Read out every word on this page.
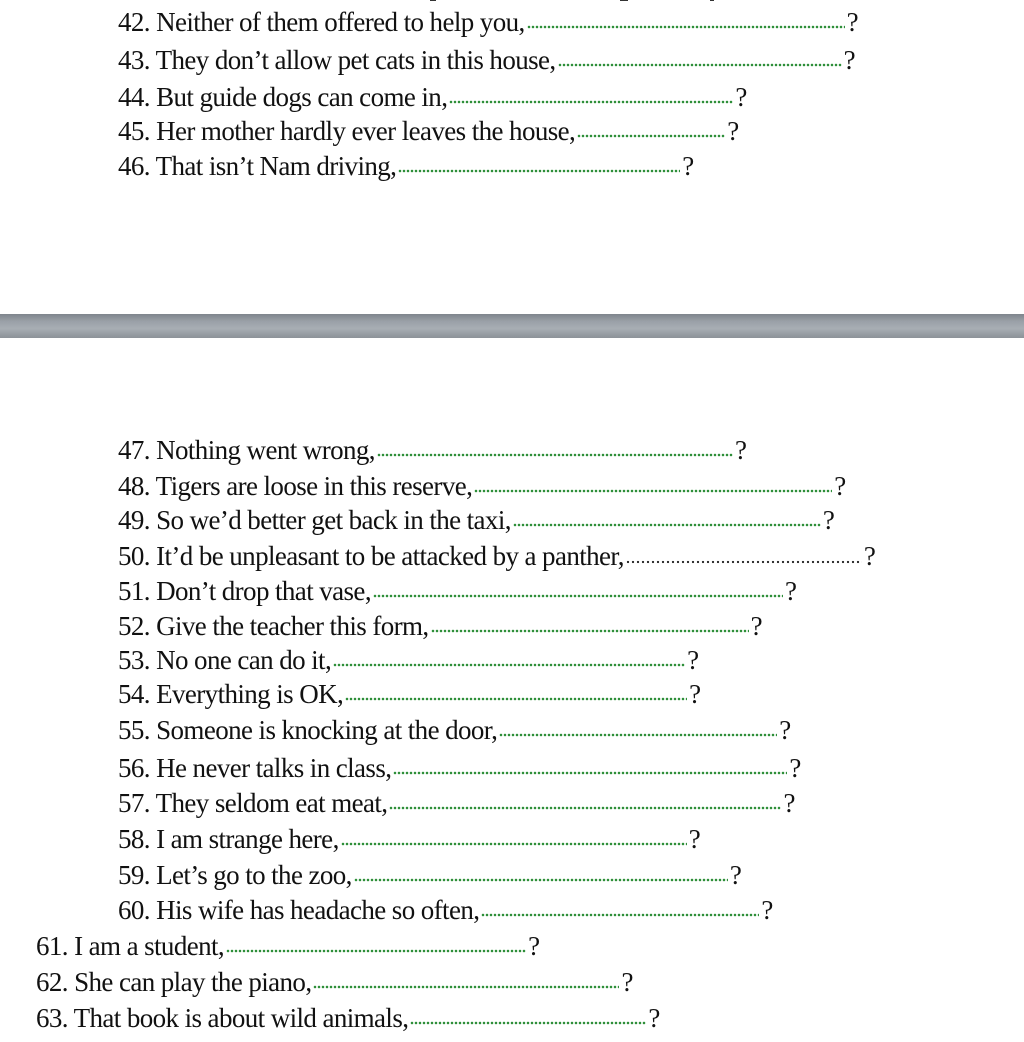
42. Neither of them offered to help you,	?
43. They don’t allow pet cats in this house,	?
44. But guide dogs can come in,	?
45. Her mother hardly ever leaves the house,	?
46. That isn’t Nam driving,	?
47. Nothing went wrong,	?
48. Tigers are loose in this reserve,	?
49. So we’d better get back in the taxi,	?
50. It’d be unpleasant to be attacked by a panther,	?
51. Don’t drop that vase,	?
52. Give the teacher this form,	?
53. No one can do it,	?
54. Everything is OK,	?
55. Someone is knocking at the door,	?
56. He never talks in class,	?
57. They seldom eat meat,	?
58. I am strange here,	?
59. Let’s go to the zoo,	?
60. His wife has headache so often,	?
61. I am a student,	?
62. She can play the piano,	?
63. That book is about wild animals,	?
